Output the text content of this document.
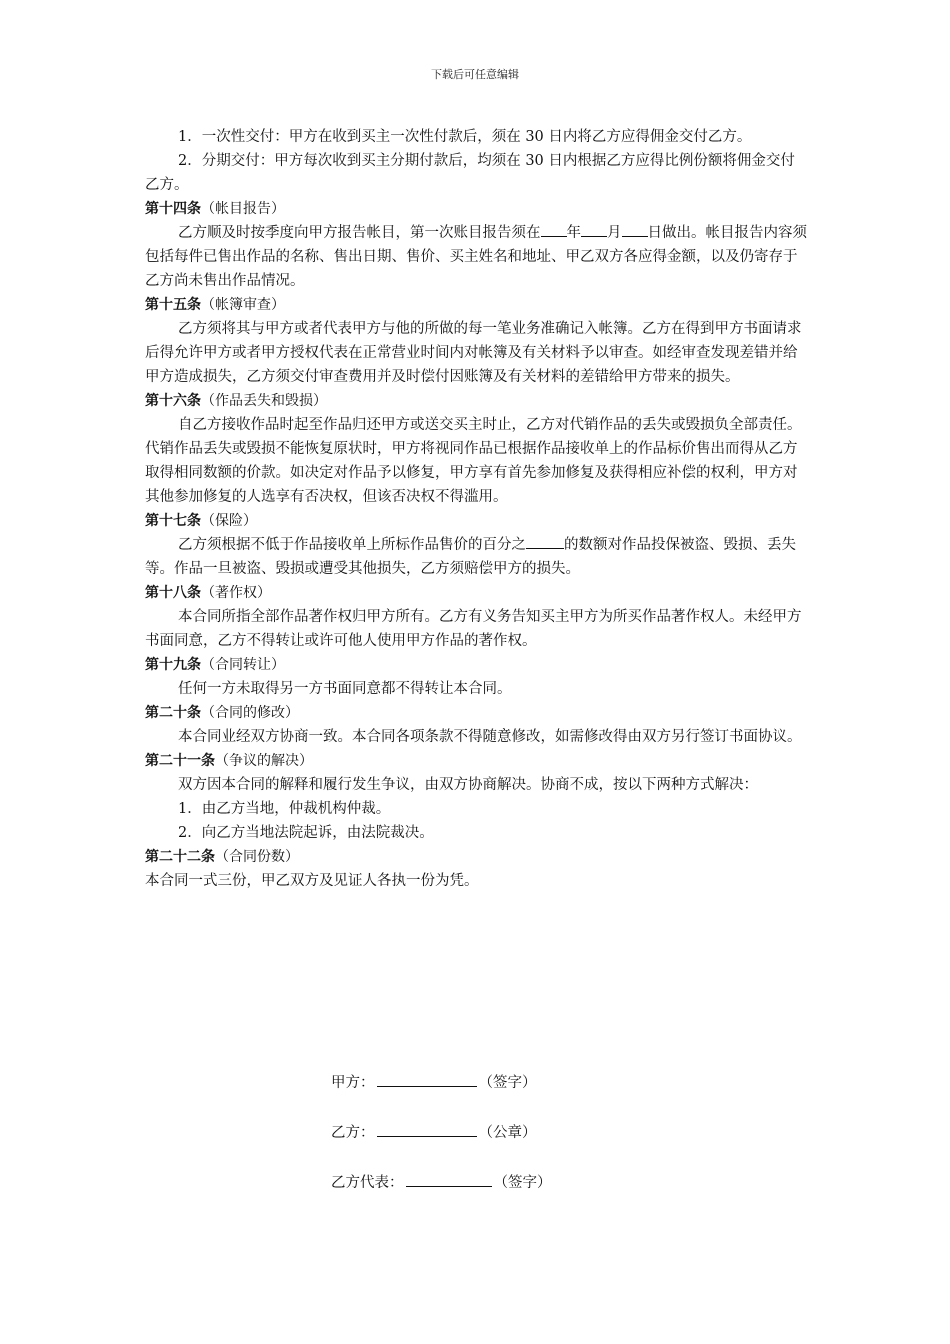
下载后可任意编辑

1．一次性交付：甲方在收到买主一次性付款后，须在 30 日内将乙方应得佣金交付乙方。

2．分期交付：甲方每次收到买主分期付款后，均须在 30 日内根据乙方应得比例份额将佣金交付乙方。

第十四条（帐目报告）

乙方顺及时按季度向甲方报告帐目，第一次账目报告须在 年 月 日做出。帐目报告内容须包括每件已售出作品的名称、售出日期、售价、买主姓名和地址、甲乙双方各应得金额，以及仍寄存于乙方尚未售出作品情况。

第十五条（帐簿审查）

乙方须将其与甲方或者代表甲方与他的所做的每一笔业务准确记入帐簿。乙方在得到甲方书面请求后得允许甲方或者甲方授权代表在正常营业时间内对帐簿及有关材料予以审查。如经审查发现差错并给甲方造成损失，乙方须交付审查费用并及时偿付因账簿及有关材料的差错给甲方带来的损失。

第十六条（作品丢失和毁损）

自乙方接收作品时起至作品归还甲方或送交买主时止，乙方对代销作品的丢失或毁损负全部责任。代销作品丢失或毁损不能恢复原状时，甲方将视同作品已根据作品接收单上的作品标价售出而得从乙方取得相同数额的价款。如决定对作品予以修复，甲方享有首先参加修复及获得相应补偿的权利，甲方对其他参加修复的人选享有否决权，但该否决权不得滥用。

第十七条（保险）

乙方须根据不低于作品接收单上所标作品售价的百分之	的数额对作品投保被盗、毁损、丢失等。作品一旦被盗、毁损或遭受其他损失，乙方须赔偿甲方的损失。

第十八条（著作权）

本合同所指全部作品著作权归甲方所有。乙方有义务告知买主甲方为所买作品著作权人。未经甲方书面同意，乙方不得转让或许可他人使用甲方作品的著作权。

第十九条（合同转让）

任何一方未取得另一方书面同意都不得转让本合同。

第二十条（合同的修改）

本合同业经双方协商一致。本合同各项条款不得随意修改，如需修改得由双方另行签订书面协议。

第二十一条（争议的解决）

双方因本合同的解释和履行发生争议，由双方协商解决。协商不成，按以下两种方式解决：

1．由乙方当地，仲裁机构仲裁。

2．向乙方当地法院起诉，由法院裁决。

第二十二条（合同份数）

本合同一式三份，甲乙双方及见证人各执一份为凭。

甲方：	（签字）
乙方：	（公章）
乙方代表：	（签字）
